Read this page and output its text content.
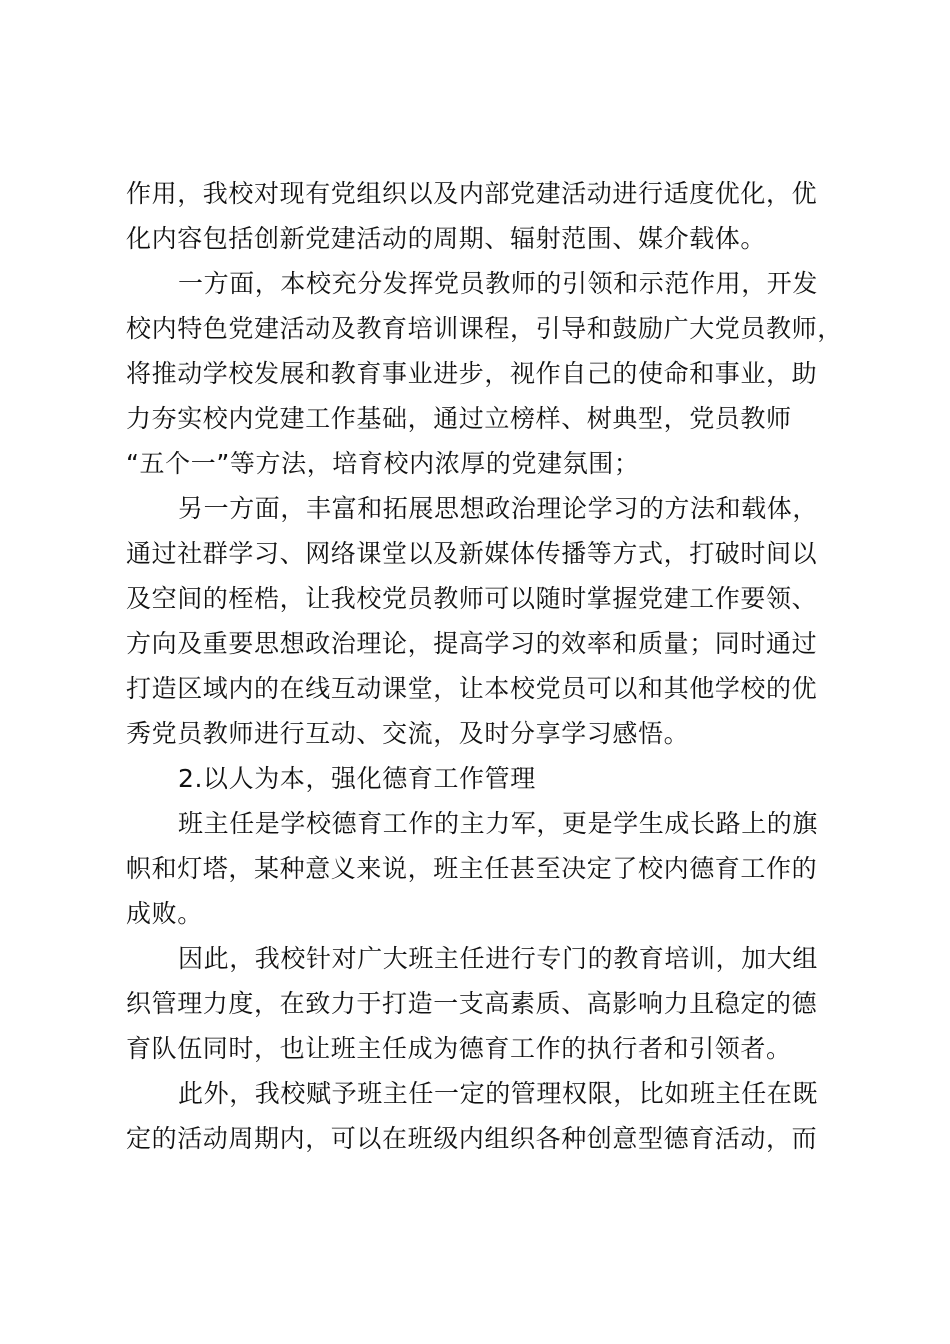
作用，我校对现有党组织以及内部党建活动进行适度优化，优
化内容包括创新党建活动的周期、辐射范围、媒介载体。
一方面，本校充分发挥党员教师的引领和示范作用，开发
校内特色党建活动及教育培训课程，引导和鼓励广大党员教师，
将推动学校发展和教育事业进步，视作自己的使命和事业，助
力夯实校内党建工作基础，通过立榜样、树典型，党员教师
“五个一”等方法，培育校内浓厚的党建氛围；
另一方面，丰富和拓展思想政治理论学习的方法和载体，
通过社群学习、网络课堂以及新媒体传播等方式，打破时间以
及空间的桎梏，让我校党员教师可以随时掌握党建工作要领、
方向及重要思想政治理论，提高学习的效率和质量；同时通过
打造区域内的在线互动课堂，让本校党员可以和其他学校的优
秀党员教师进行互动、交流，及时分享学习感悟。
2.以人为本，强化德育工作管理
班主任是学校德育工作的主力军，更是学生成长路上的旗
帜和灯塔，某种意义来说，班主任甚至决定了校内德育工作的
成败。
因此，我校针对广大班主任进行专门的教育培训，加大组
织管理力度，在致力于打造一支高素质、高影响力且稳定的德
育队伍同时，也让班主任成为德育工作的执行者和引领者。
此外，我校赋予班主任一定的管理权限，比如班主任在既
定的活动周期内，可以在班级内组织各种创意型德育活动，而
